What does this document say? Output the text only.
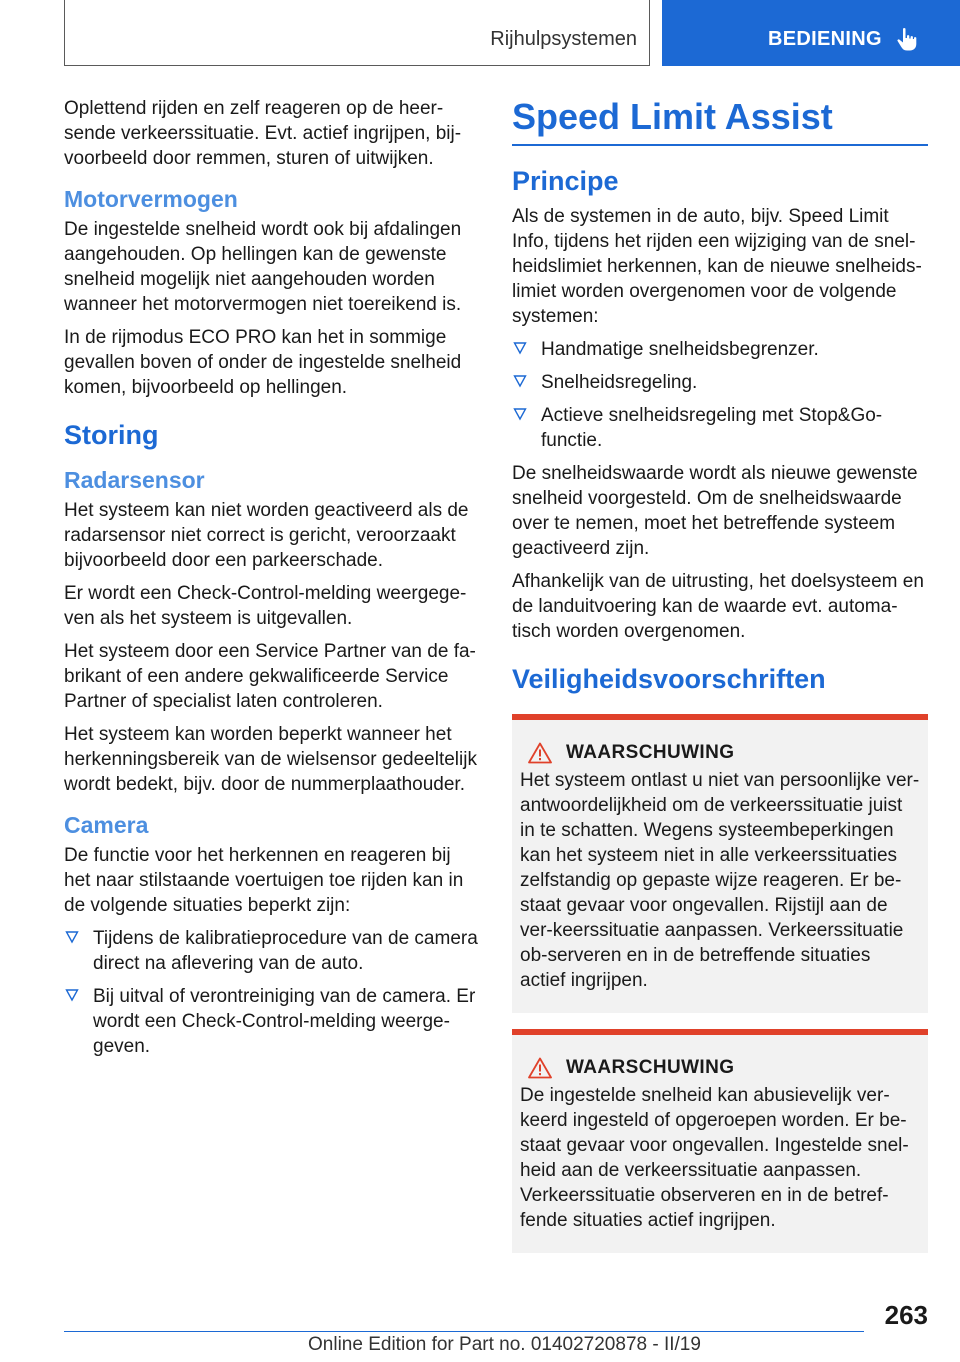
Rijhulpsystemen	BEDIENING

Oplettend rijden en zelf reageren op de heer-sende verkeerssituatie. Evt. actief ingrijpen, bij-voorbeeld door remmen, sturen of uitwijken.

Motorvermogen

De ingestelde snelheid wordt ook bij afdalingen aangehouden. Op hellingen kan de gewenste snelheid mogelijk niet aangehouden worden wanneer het motorvermogen niet toereikend is.

In de rijmodus ECO PRO kan het in sommige gevallen boven of onder de ingestelde snelheid komen, bijvoorbeeld op hellingen.

Storing
Radarsensor

Het systeem kan niet worden geactiveerd als de radarsensor niet correct is gericht, veroorzaakt bijvoorbeeld door een parkeerschade.

Er wordt een Check-Control-melding weergege-ven als het systeem is uitgevallen.

Het systeem door een Service Partner van de fa-brikant of een andere gekwalificeerde Service Partner of specialist laten controleren.

Het systeem kan worden beperkt wanneer het herkenningsbereik van de wielsensor gedeeltelijk wordt bedekt, bijv. door de nummerplaathouder.

Camera

De functie voor het herkennen en reageren bij het naar stilstaande voertuigen toe rijden kan in de volgende situaties beperkt zijn:

Tijdens de kalibratieprocedure van de camera direct na aflevering van de auto.
Bij uitval of verontreiniging van de camera. Er wordt een Check-Control-melding weerge-geven.
Speed Limit Assist
Principe

Als de systemen in de auto, bijv. Speed Limit Info, tijdens het rijden een wijziging van de snel-heidslimiet herkennen, kan de nieuwe snelheids-limiet worden overgenomen voor de volgende systemen:

Handmatige snelheidsbegrenzer.
Snelheidsregeling.
Actieve snelheidsregeling met Stop&Go-functie.

De snelheidswaarde wordt als nieuwe gewenste snelheid voorgesteld. Om de snelheidswaarde over te nemen, moet het betreffende systeem geactiveerd zijn.

Afhankelijk van de uitrusting, het doelsysteem en de landuitvoering kan de waarde evt. automa-tisch worden overgenomen.

Veiligheidsvoorschriften
WAARSCHUWING

Het systeem ontlast u niet van persoonlijke ver-antwoordelijkheid om de verkeerssituatie juist in te schatten. Wegens systeembeperkingen kan het systeem niet in alle verkeerssituaties zelfstandig op gepaste wijze reageren. Er be-staat gevaar voor ongevallen. Rijstijl aan de ver-keerssituatie aanpassen. Verkeerssituatie ob-serveren en in de betreffende situaties actief ingrijpen.

WAARSCHUWING

De ingestelde snelheid kan abusievelijk ver-keerd ingesteld of opgeroepen worden. Er be-staat gevaar voor ongevallen. Ingestelde snel-heid aan de verkeerssituatie aanpassen. Verkeerssituatie observeren en in de betref-fende situaties actief ingrijpen.

263
Online Edition for Part no. 01402720878 - II/19
